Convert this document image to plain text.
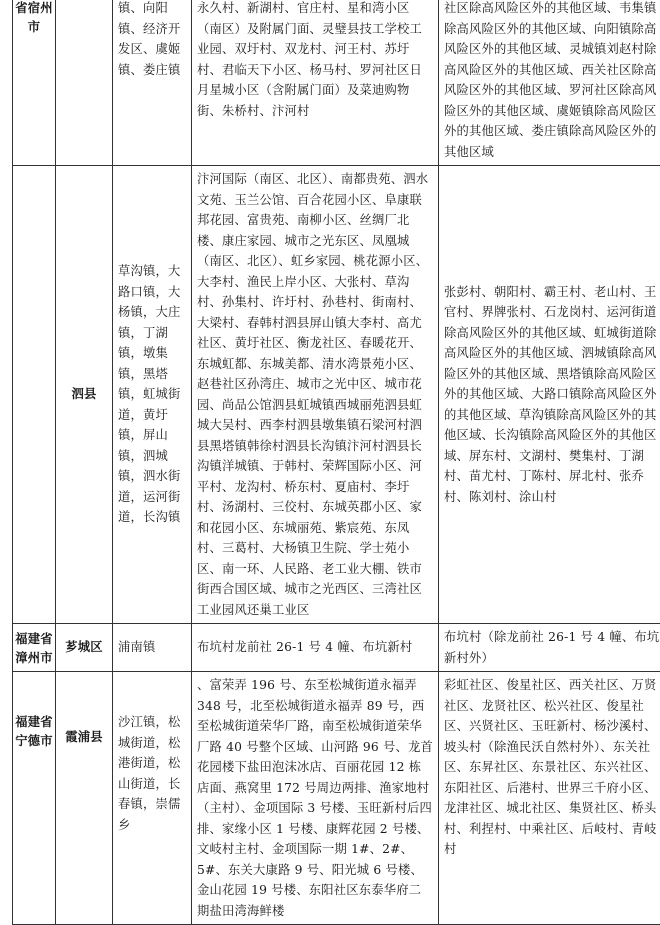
省宿州市		镇、向阳镇、经济开发区、虞姬镇、娄庄镇	永久村、新湖村、官庄村、星和湾小区（南区）及附属门面、灵璧县技工学校工业园、双圩村、双龙村、河王村、苏圩村、君临天下小区、杨马村、罗河社区日月星城小区（含附属门面）及菜迪购物街、朱桥村、汴河村	社区除高风险区外的其他区域、韦集镇除高风险区外的其他区域、向阳镇除高风险区外的其他区域、灵城镇刘赵村除高风险区外的其他区域、西关社区除高风险区外的其他区域、罗河社区除高风险区外的其他区域、虞姬镇除高风险区外的其他区域、娄庄镇除高风险区外的其他区域
	泗县	草沟镇，大路口镇，大杨镇，大庄镇，丁湖镇，墩集镇，黑塔镇，虹城街道，黄圩镇，屏山镇，泗城镇，泗水街道，运河街道，长沟镇	汴河国际（南区、北区）、南都贵苑、泗水文苑、玉兰公馆、百合花园小区、阜康联邦花园、富贵苑、南柳小区、丝绸厂北楼、康庄家园、城市之光东区、凤凰城（南区、北区）、虹乡家园、桃花源小区、大李村、渔民上岸小区、大张村、草沟村、孙集村、许圩村、孙巷村、街南村、大梁村、春韩村泗县屏山镇大李村、高尤社区、黄圩社区、衡龙社区、春暖花开、东城虹都、东城美都、清水湾景苑小区、赵巷社区孙湾庄、城市之光中区、城市花园、尚品公馆泗县虹城镇西城丽苑泗县虹城大吴村、西李村泗县墩集镇石梁河村泗县黑塔镇韩徐村泗县长沟镇汴河村泗县长沟镇洋城镇、于韩村、荣辉国际小区、河平村、龙沟村、桥东村、夏庙村、李圩村、汤湖村、三佼村、东城英郡小区、家和花园小区、东城丽苑、紫宸苑、东凤村、三葛村、大杨镇卫生院、学士苑小区、南一环、人民路、老工业大棚、铁市街西合国区域、城市之光西区、三湾社区工业园风还巢工业区	张彭村、朝阳村、霸王村、老山村、王官村、界牌张村、石龙岗村、运河街道除高风险区外的其他区域、虹城街道除高风险区外的其他区域、泗城镇除高风险区外的其他区域、黑塔镇除高风险区外的其他区域、大路口镇除高风险区外的其他区域、草沟镇除高风险区外的其他区域、长沟镇除高风险区外的其他区域、屏东村、文湖村、樊集村、丁湖村、苗尤村、丁陈村、屏北村、张乔村、陈刘村、涂山村
福建省漳州市	芗城区	浦南镇	布坑村龙前社 26-1 号 4 幢、布坑新村	布坑村（除龙前社 26-1 号 4 幢、布坑新村外）
福建省宁德市	霞浦县	沙江镇，松城街道，松港街道，松山街道，长春镇，崇儒乡	、富荣弄 196 号、东至松城街道永福弄 348 号，北至松城街道永福弄 89 号，西至松城街道荣华厂路，南至松城街道荣华厂路 40 号整个区域、山河路 96 号、龙首花园楼下盐田泡沫冰店、百丽花园 12 栋店面、燕窝里 172 号周边两排、渔家地村（主村）、金项国际 3 号楼、玉旺新村后四排、家缘小区 1 号楼、康辉花园 2 号楼、文岐村主村、金项国际一期 1#、2#、5#、东关大康路 9 号、阳光城 6 号楼、金山花园 19 号楼、东阳社区东泰华府二期盐田湾海鲜楼	彩虹社区、俊星社区、西关社区、万贤社区、龙贤社区、松兴社区、俊星社区、兴贤社区、玉旺新村、杨沙溪村、坡头村（除渔民沃自然村外）、东关社区、东昇社区、东景社区、东兴社区、东阳社区、后港村、世界三千府小区、龙津社区、城北社区、集贤社区、桥头村、利捏村、中乘社区、后岐村、青岐村
